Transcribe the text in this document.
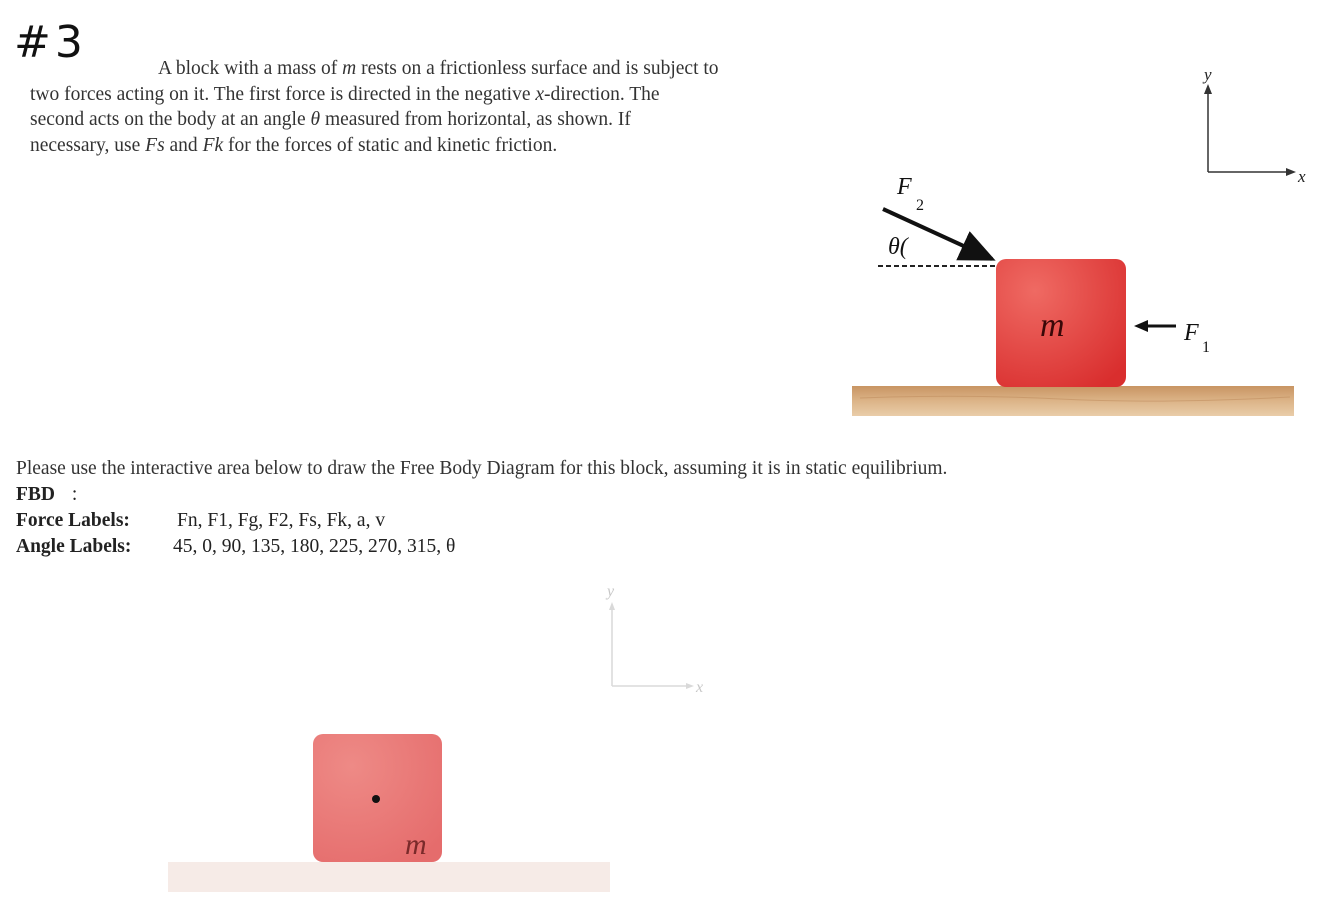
#3
A block with a mass of m rests on a frictionless surface and is subject to
two forces acting on it. The first force is directed in the negative x-direction. The
second acts on the body at an angle θ measured from horizontal, as shown. If
necessary, use Fs and Fk for the forces of static and kinetic friction.
y
x
F
2
θ(
m	F
1
Please use the interactive area below to draw the Free Body Diagram for this block, assuming it is in static equilibrium.
FBD :
Force Labels: Fn, F1, Fg, F2, Fs, Fk, a, v
Angle Labels: 45, 0, 90, 135, 180, 225, 270, 315, θ
y
x
m
